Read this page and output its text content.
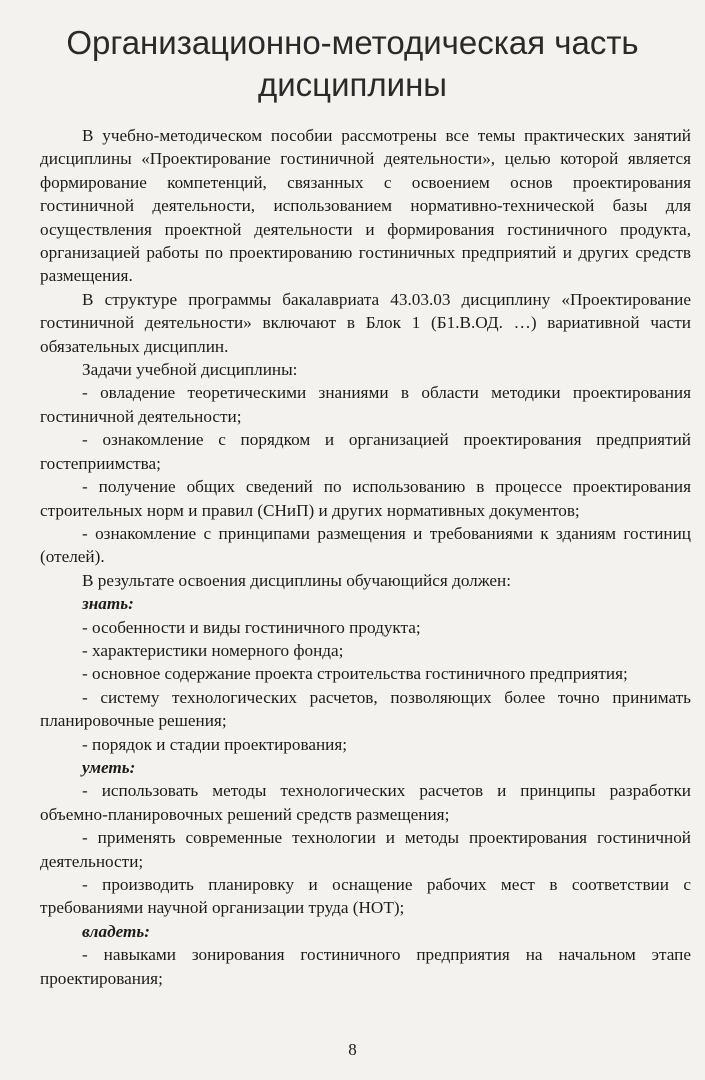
Организационно-методическая часть
дисциплины

В учебно-методическом пособии рассмотрены все темы практических занятий дисциплины «Проектирование гостиничной деятельности», целью которой является формирование компетенций, связанных с освоением основ проектирования гостиничной деятельности, использованием нормативно-технической базы для осуществления проектной деятельности и формирования гостиничного продукта, организацией работы по проектированию гостиничных предприятий и других средств размещения.

В структуре программы бакалавриата 43.03.03 дисциплину «Проектирование гостиничной деятельности» включают в Блок 1 (Б1.В.ОД. …) вариативной части обязательных дисциплин.

Задачи учебной дисциплины:

- овладение теоретическими знаниями в области методики проектирования гостиничной деятельности;

- ознакомление с порядком и организацией проектирования предприятий гостеприимства;

- получение общих сведений по использованию в процессе проектирования строительных норм и правил (СНиП) и других нормативных документов;

- ознакомление с принципами размещения и требованиями к зданиям гостиниц (отелей).

В результате освоения дисциплины обучающийся должен:

знать:

- особенности и виды гостиничного продукта;

- характеристики номерного фонда;

- основное содержание проекта строительства гостиничного предприятия;

- систему технологических расчетов, позволяющих более точно принимать планировочные решения;

- порядок и стадии проектирования;

уметь:

- использовать методы технологических расчетов и принципы разработки объемно-планировочных решений средств размещения;

- применять современные технологии и методы проектирования гостиничной деятельности;

- производить планировку и оснащение рабочих мест в соответствии с требованиями научной организации труда (НОТ);

владеть:

- навыками зонирования гостиничного предприятия на начальном этапе проектирования;

8
